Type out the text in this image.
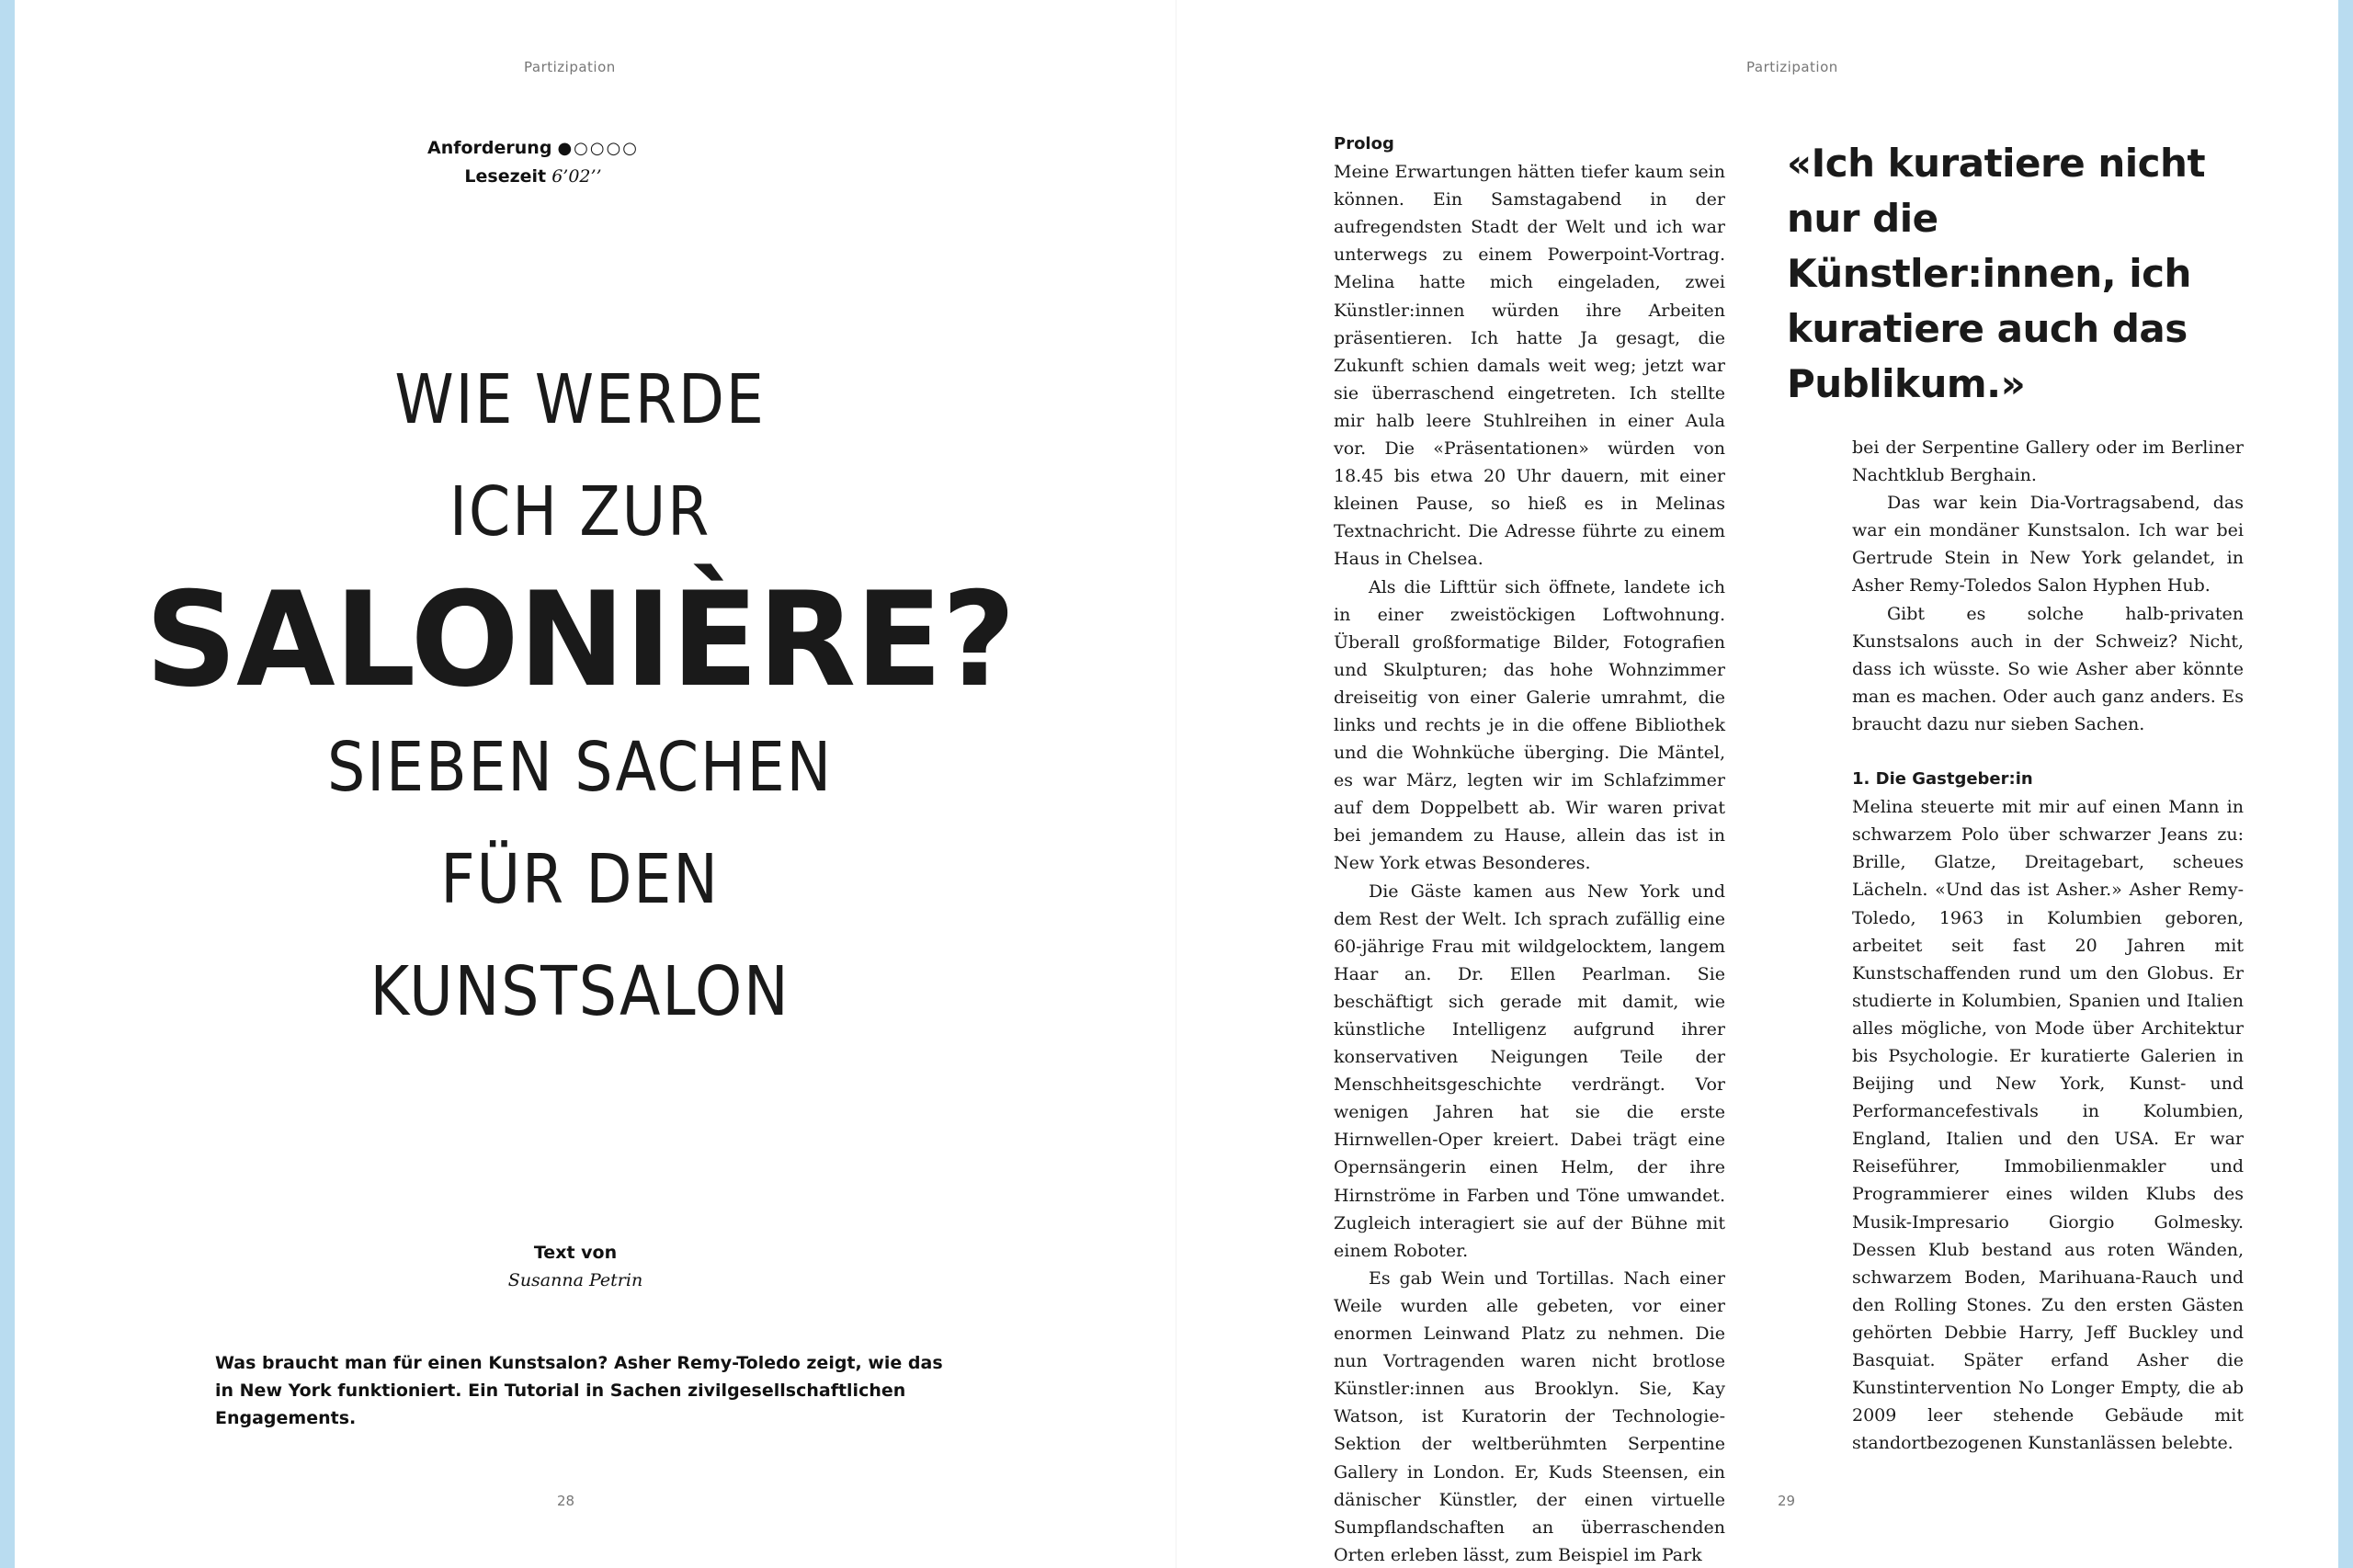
Partizipation
Anforderung ●○○○○
Lesezeit 6’02’’
WIE WERDE
ICH ZUR
SALONIÈRE?
SIEBEN SACHEN
FÜR DEN
KUNSTSALON
Text von
Susanna Petrin
Was braucht man für einen Kunstsalon? Asher Remy-Toledo zeigt, wie das in New York funktioniert. Ein Tutorial in Sachen zivilgesellschaftlichen Engagements.
28
Partizipation
29
Prolog

Meine Erwartungen hätten tiefer kaum sein können. Ein Samstagabend in der aufregendsten Stadt der Welt und ich war unterwegs zu einem Powerpoint-Vortrag. Melina hatte mich eingeladen, zwei Künstler:innen würden ihre Arbeiten präsentieren. Ich hatte Ja gesagt, die Zukunft schien damals weit weg; jetzt war sie überraschend eingetreten. Ich stellte mir halb leere Stuhlreihen in einer Aula vor. Die «Präsentationen» würden von 18.45 bis etwa 20 Uhr dauern, mit einer kleinen Pause, so hieß es in Melinas Textnachricht. Die Adresse führte zu einem Haus in Chelsea.

Als die Lifttür sich öffnete, landete ich in einer zweistöckigen Loftwohnung. Überall großformatige Bilder, Fotografien und Skulpturen; das hohe Wohnzimmer dreiseitig von einer Galerie umrahmt, die links und rechts je in die offene Bibliothek und die Wohnküche überging. Die Mäntel, es war März, legten wir im Schlafzimmer auf dem Doppelbett ab. Wir waren privat bei jemandem zu Hause, allein das ist in New York etwas Besonderes.

Die Gäste kamen aus New York und dem Rest der Welt. Ich sprach zufällig eine 60-jährige Frau mit wildgelocktem, langem Haar an. Dr. Ellen Pearlman. Sie beschäftigt sich gerade mit damit, wie künstliche Intelligenz aufgrund ihrer konservativen Neigungen Teile der Menschheitsgeschichte verdrängt. Vor wenigen Jahren hat sie die erste Hirnwellen-Oper kreiert. Dabei trägt eine Opernsängerin einen Helm, der ihre Hirnströme in Farben und Töne umwandet. Zugleich interagiert sie auf der Bühne mit einem Roboter.

Es gab Wein und Tortillas. Nach einer Weile wurden alle gebeten, vor einer enormen Leinwand Platz zu nehmen. Die nun Vortragenden waren nicht brotlose Künstler:innen aus Brooklyn. Sie, Kay Watson, ist Kuratorin der Technologie-Sektion der weltberühmten Serpentine Gallery in London. Er, Kuds Steensen, ein dänischer Künstler, der einen virtuelle Sumpflandschaften an überraschenden Orten erleben lässt, zum Beispiel im Park

«Ich kuratiere nicht nur die Künstler:innen, ich kuratiere auch das Publikum.»

bei der Serpentine Gallery oder im Berliner Nachtklub Berghain.

Das war kein Dia-Vortragsabend, das war ein mondäner Kunstsalon. Ich war bei Gertrude Stein in New York gelandet, in Asher Remy-Toledos Salon Hyphen Hub.

Gibt es solche halb-privaten Kunstsalons auch in der Schweiz? Nicht, dass ich wüsste. So wie Asher aber könnte man es machen. Oder auch ganz anders. Es braucht dazu nur sieben Sachen.

1. Die Gastgeber:in

Melina steuerte mit mir auf einen Mann in schwarzem Polo über schwarzer Jeans zu: Brille, Glatze, Dreitagebart, scheues Lächeln. «Und das ist Asher.» Asher Remy-Toledo, 1963 in Kolumbien geboren, arbeitet seit fast 20 Jahren mit Kunstschaffenden rund um den Globus. Er studierte in Kolumbien, Spanien und Italien alles mögliche, von Mode über Architektur bis Psychologie. Er kuratierte Galerien in Beijing und New York, Kunst- und Performancefestivals in Kolumbien, England, Italien und den USA. Er war Reiseführer, Immobilienmakler und Programmierer eines wilden Klubs des Musik-Impresario Giorgio Golmesky. Dessen Klub bestand aus roten Wänden, schwarzem Boden, Marihuana-Rauch und den Rolling Stones. Zu den ersten Gästen gehörten Debbie Harry, Jeff Buckley und Basquiat. Später erfand Asher die Kunstintervention No Longer Empty, die ab 2009 leer stehende Gebäude mit standortbezogenen Kunstanlässen belebte.
